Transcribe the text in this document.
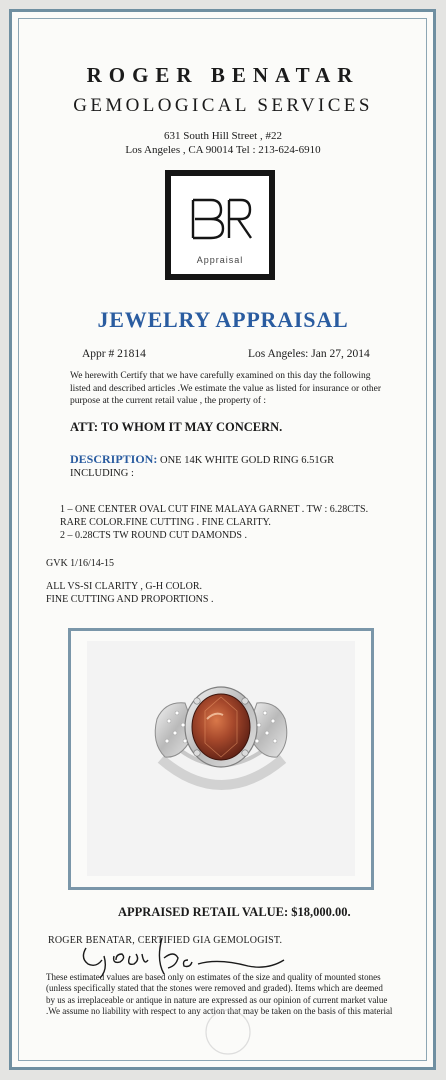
ROGER BENATAR
GEMOLOGICAL SERVICES
631 South Hill Street , #22
Los Angeles , CA 90014 Tel : 213-624-6910
Appraisal
JEWELRY APPRAISAL
Appr # 21814	Los Angeles: Jan 27, 2014
We herewith Certify that we have carefully examined on this day the following listed and described articles .We estimate the value as listed for insurance or other purpose at the current retail value , the property of :
ATT: TO WHOM IT MAY CONCERN.
DESCRIPTION: ONE 14K WHITE GOLD RING 6.51GR INCLUDING :
1 – ONE CENTER OVAL CUT FINE MALAYA GARNET . TW : 6.28CTS. RARE COLOR.FINE CUTTING . FINE CLARITY.
2 – 0.28CTS TW ROUND CUT DAMONDS .
GVK 1/16/14-15
ALL VS-SI CLARITY , G-H COLOR.
FINE CUTTING AND PROPORTIONS .
APPRAISED RETAIL VALUE: $18,000.00.
ROGER BENATAR, CERTIFIED GIA GEMOLOGIST.
These estimated values are based only on estimates of the size and quality of mounted stones (unless specifically stated that the stones were removed and graded). Items which are deemed by us as irreplaceable or antique in nature are expressed as our opinion of current market value .We assume no liability with respect to any action that may be taken on the basis of this material
